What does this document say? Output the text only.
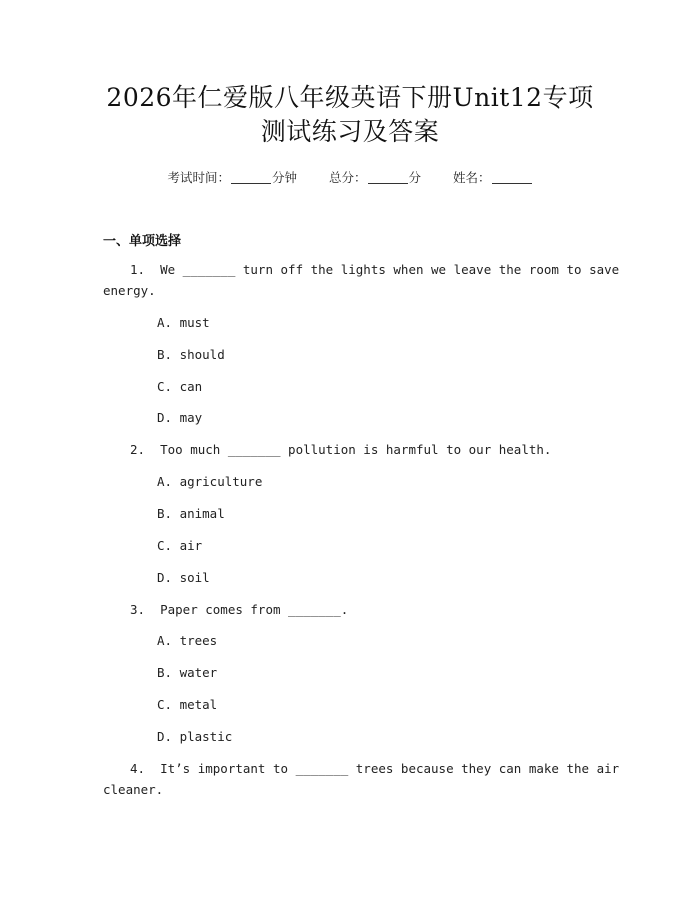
2026年仁爱版八年级英语下册Unit12专项
测试练习及答案
考试时间：	分钟	总分：	分	姓名：
一、单项选择
1.  We _______ turn off the lights when we leave the room to save
energy.
A. must
B. should
C. can
D. may
2.  Too much _______ pollution is harmful to our health.
A. agriculture
B. animal
C. air
D. soil
3.  Paper comes from _______.
A. trees
B. water
C. metal
D. plastic
4.  It’s important to _______ trees because they can make the air
cleaner.
